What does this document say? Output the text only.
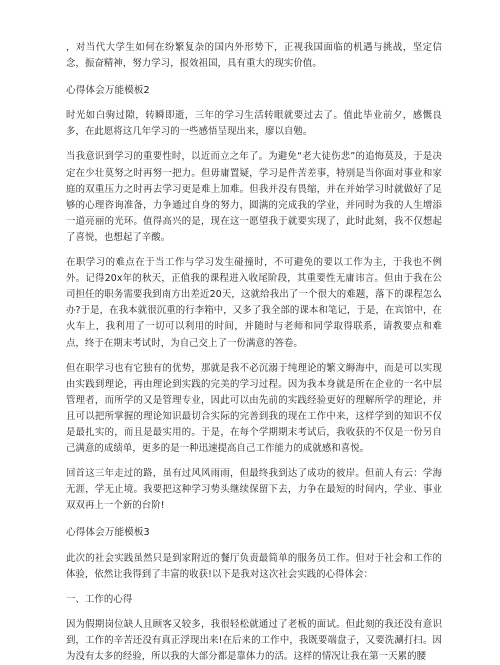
，对当代大学生如何在纷繁复杂的国内外形势下，正视我国面临的机遇与挑战，坚定信念，振奋精神，努力学习，报效祖国，具有重大的现实价值。

心得体会万能模板2

时光如白驹过隙，转瞬即逝，三年的学习生活转眼就要过去了。值此毕业前夕，感慨良多，在此愿将这几年学习的一些感悟呈现出来，廖以自勉。

当我意识到学习的重要性时，以近而立之年了。为避免“老大徒伤悲”的追悔莫及，于是决定在少壮莫努之时再努一把力。但毋庸置疑，学习是件苦差事，特别是当你面对事业和家庭的双重压力之时再去学习更是难上加难。但我并没有畏缩，并在并始学习时就做好了足够的心理咨询准备，力争通过自身的努力，圆满的完成我的学业，并同时为我的人生增添一道亮丽的光环。值得高兴的是，现在这一愿望我于就要实现了，此时此刻，我不仅想起了喜悦，也想起了辛酸。

在职学习的难点在于当工作与学习发生碰撞时，不可避免的要以工作为主，于我也不例外。记得20x年的秋天，正值我的课程进入收尾阶段，其重要性无庸讳言。但由于我在公司担任的职务需要我到南方出差近20天，这就给我出了一个很大的难题，落下的课程怎么办?于是，在我本就很沉重的行李箱中，又多了我全部的课本和笔记，于是，在宾馆中，在火车上，我利用了一切可以利用的时间，并随时与老师和同学取得联系，请教要点和难点，终于在期末考试时，为自己交上了一份满意的答卷。

但在职学习也有它独有的优势，那就是我不必沉溺于纯理论的繁文縟海中，而是可以实现由实践到理论，再由理论到实践的完美的学习过程。因为我本身就是所在企业的一名中层管理者，而所学的又是管理专业，因此可以由先前的实践经验更好的理解所学的理论，并且可以把所掌握的理论知识最切合实际的完善到我的现在工作中来，这样学到的知识不仅是最扎实的，而且是最实用的。于是，在每个学期期末考试后，我收获的不仅是一份另自己满意的成绩单，更多的是一种迅速提高自己工作能力的成就感和喜悦。

回首这三年走过的路，虽有过风风雨雨，但最终我到达了成功的彼岸。但前人有云：学海无涯，学无止境。我要把这种学习势头继续保留下去，力争在最短的时间内，学业、事业双双再上一个新的台阶!

心得体会万能模板3

此次的社会实践虽然只是到家附近的餐厅负责最简单的服务员工作。但对于社会和工作的体验，依然让我得到了丰富的收获!以下是我对这次社会实践的心得体会：

一、工作的心得

因为假期岗位缺人且顾客又较多，我很轻松就通过了老板的面试。但此刻的我还没有意识到，工作的辛苦还没有真正浮现出来!在后来的工作中，我既要端盘子，又要洗涮打扫。因为没有太多的经验，所以我的大部分都是靠体力的活。这样的情况让我在第一天累的腰
